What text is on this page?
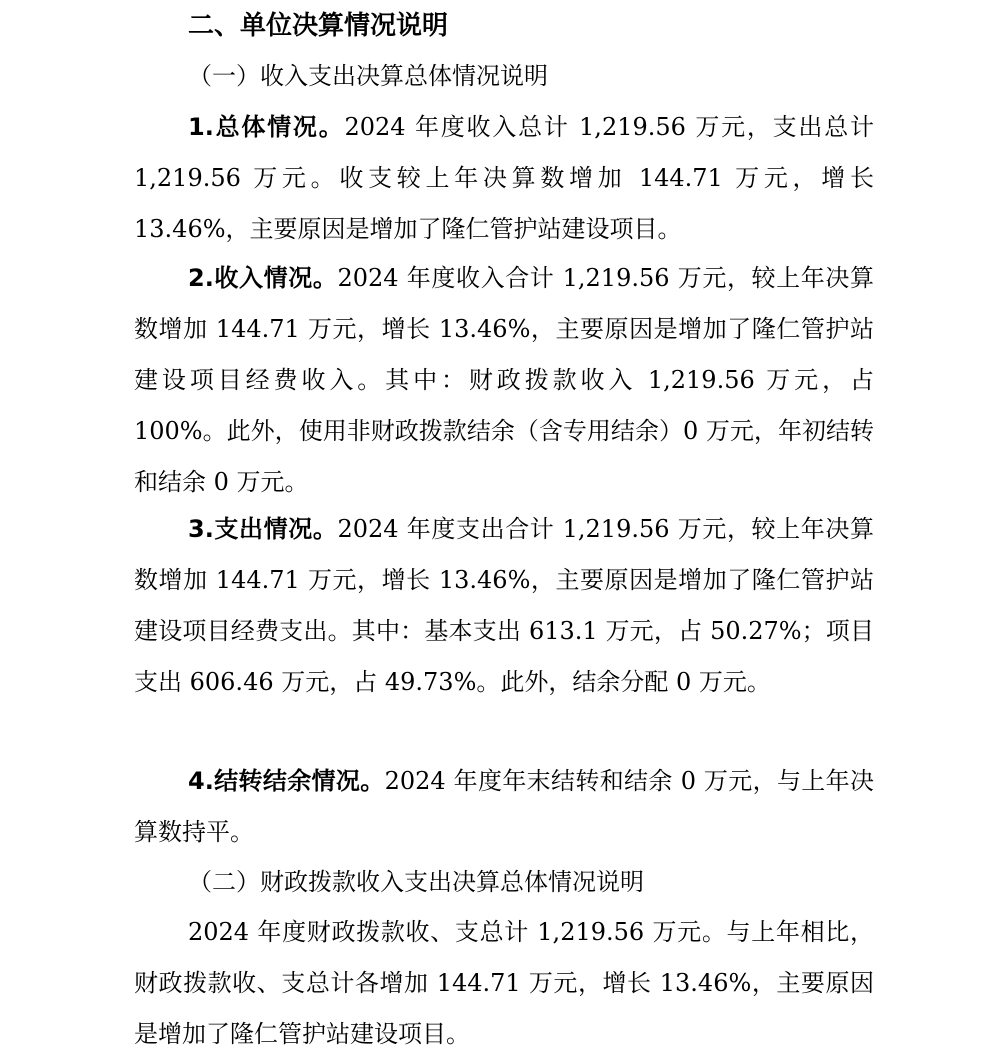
二、单位决算情况说明
（一）收入支出决算总体情况说明

1.总体情况。2024 年度收入总计 1,219.56 万元，支出总计 1,219.56 万元。收支较上年决算数增加 144.71 万元，增长 13.46%，主要原因是增加了隆仁管护站建设项目。

2.收入情况。2024 年度收入合计 1,219.56 万元，较上年决算数增加 144.71 万元，增长 13.46%，主要原因是增加了隆仁管护站建设项目经费收入。其中：财政拨款收入 1,219.56 万元，占 100%。此外，使用非财政拨款结余（含专用结余）0 万元，年初结转和结余 0 万元。

3.支出情况。2024 年度支出合计 1,219.56 万元，较上年决算数增加 144.71 万元，增长 13.46%，主要原因是增加了隆仁管护站建设项目经费支出。其中：基本支出 613.1 万元，占 50.27%；项目支出 606.46 万元，占 49.73%。此外，结余分配 0 万元。

4.结转结余情况。2024 年度年末结转和结余 0 万元，与上年决算数持平。

（二）财政拨款收入支出决算总体情况说明

2024 年度财政拨款收、支总计 1,219.56 万元。与上年相比，财政拨款收、支总计各增加 144.71 万元，增长 13.46%，主要原因是增加了隆仁管护站建设项目。
